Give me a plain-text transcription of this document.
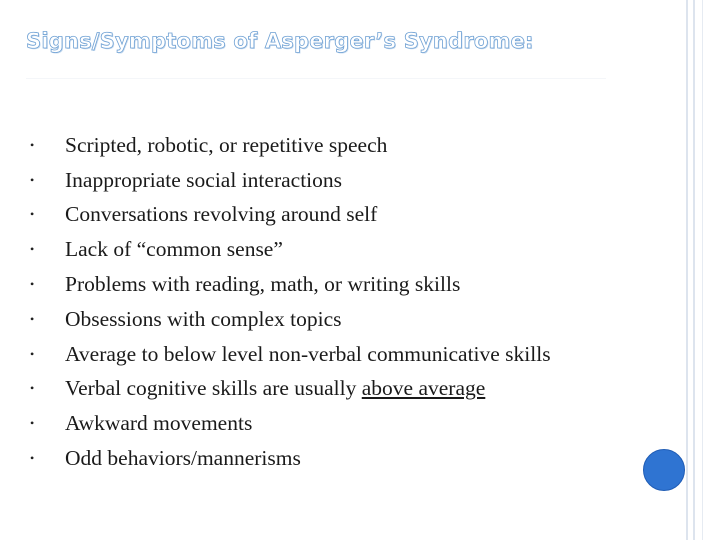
Signs/Symptoms of Asperger’s Syndrome:
•	Scripted, robotic, or repetitive speech
•	Inappropriate social interactions
•	Conversations revolving around self
•	Lack of “common sense”
•	Problems with reading, math, or writing skills
•	Obsessions with complex topics
•	Average to below level non-verbal communicative skills
•	Verbal cognitive skills are usually above average
•	Awkward movements
•	Odd behaviors/mannerisms
